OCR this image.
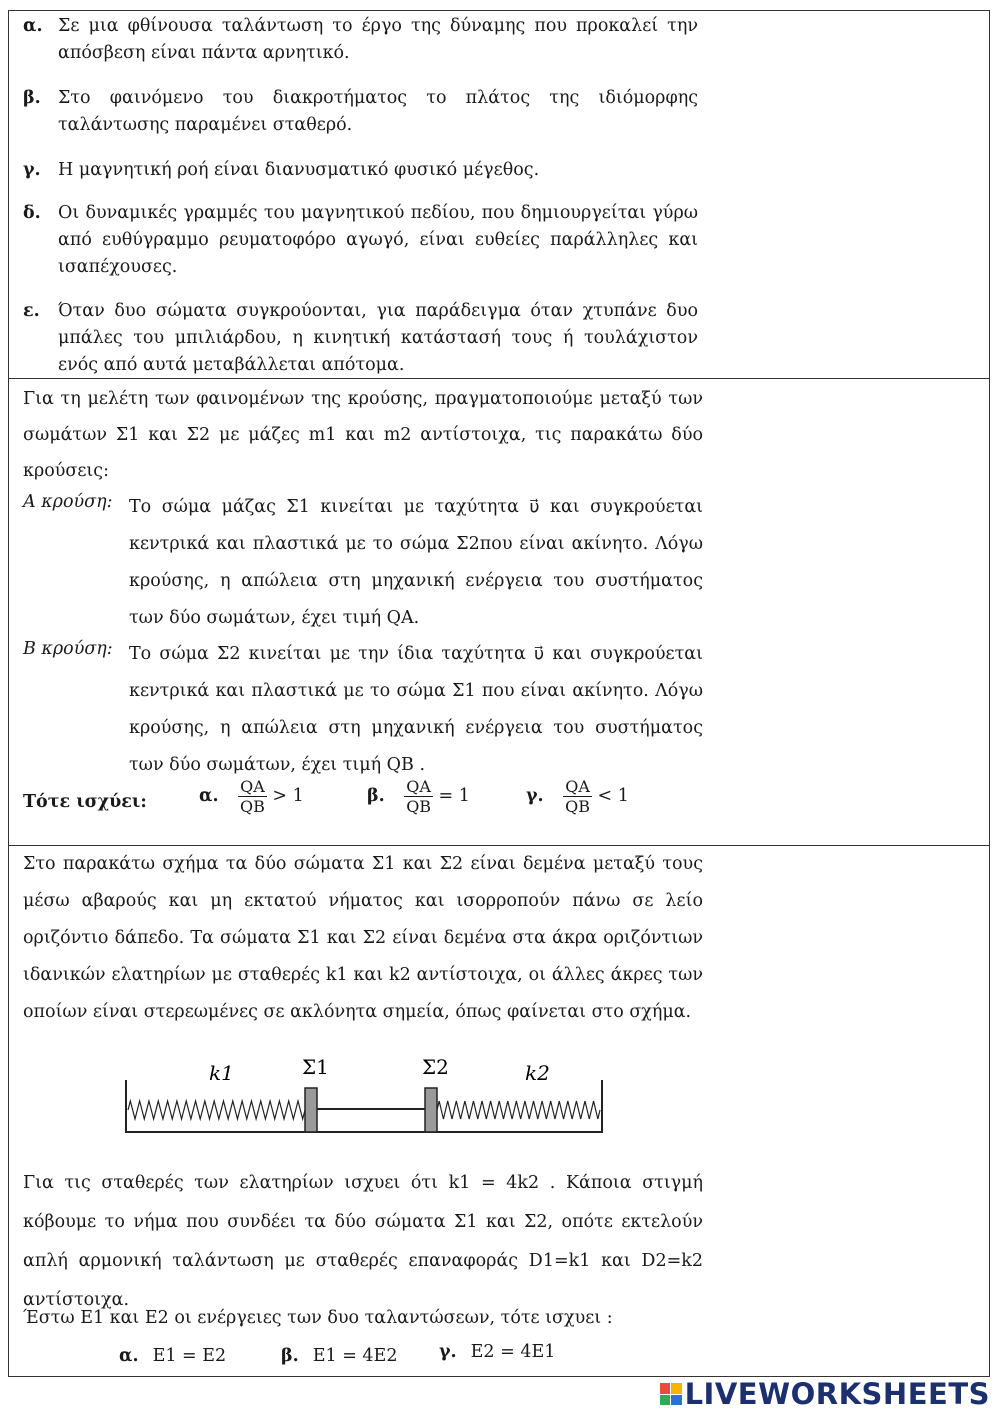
α. Σε μια φθίνουσα ταλάντωση το έργο της δύναμης που προκαλεί την απόσβεση είναι πάντα αρνητικό.
β. Στο φαινόμενο του διακροτήματος το πλάτος της ιδιόμορφης ταλάντωσης παραμένει σταθερό.
γ. Η μαγνητική ροή είναι διανυσματικό φυσικό μέγεθος.
δ. Οι δυναμικές γραμμές του μαγνητικού πεδίου, που δημιουργείται γύρω από ευθύγραμμο ρευματοφόρο αγωγό, είναι ευθείες παράλληλες και ισαπέχουσες.
ε. Όταν δυο σώματα συγκρούονται, για παράδειγμα όταν χτυπάνε δυο μπάλες του μπιλιάρδου, η κινητική κατάστασή τους ή τουλάχιστον ενός από αυτά μεταβάλλεται απότομα.
Για τη μελέτη των φαινομένων της κρούσης, πραγματοποιούμε μεταξύ των σωμάτων Σ1 και Σ2 με μάζες m1 και m2 αντίστοιχα, τις παρακάτω δύο κρούσεις:
Α κρούση: Το σώμα μάζας Σ1 κινείται με ταχύτητα υ⃗ και συγκρούεται κεντρικά και πλαστικά με το σώμα Σ2που είναι ακίνητο. Λόγω κρούσης, η απώλεια στη μηχανική ενέργεια του συστήματος των δύο σωμάτων, έχει τιμή QA.
Β κρούση: Το σώμα Σ2 κινείται με την ίδια ταχύτητα υ⃗ και συγκρούεται κεντρικά και πλαστικά με το σώμα Σ1 που είναι ακίνητο. Λόγω κρούσης, η απώλεια στη μηχανική ενέργεια του συστήματος των δύο σωμάτων, έχει τιμή QB .
Τότε ισχύει:	α. $\frac{QA}{QB} > 1$	β. $\frac{QA}{QB} = 1$	γ. $\frac{QA}{QB} < 1$
Στο παρακάτω σχήμα τα δύο σώματα Σ1 και Σ2 είναι δεμένα μεταξύ τους μέσω αβαρούς και μη εκτατού νήματος και ισορροπούν πάνω σε λείο οριζόντιο δάπεδο. Τα σώματα Σ1 και Σ2 είναι δεμένα στα άκρα οριζόντιων ιδανικών ελατηρίων με σταθερές k1 και k2 αντίστοιχα, οι άλλες άκρες των οποίων είναι στερεωμένες σε ακλόνητα σημεία, όπως φαίνεται στο σχήμα.
k1	Σ1	Σ2	k2
Για τις σταθερές των ελατηρίων ισχυει ότι k1 = 4k2 . Κάποια στιγμή κόβουμε το νήμα που συνδέει τα δύο σώματα Σ1 και Σ2, οπότε εκτελούν απλή αρμονική ταλάντωση με σταθερές επαναφοράς D1=k1 και D2=k2 αντίστοιχα.
Έστω Ε1 και Ε2 οι ενέργειες των δυο ταλαντώσεων, τότε ισχυει :
α. E1 = E2	β. E1 = 4E2 γ. E2 = 4E1
LIVEWORKSHEETS
